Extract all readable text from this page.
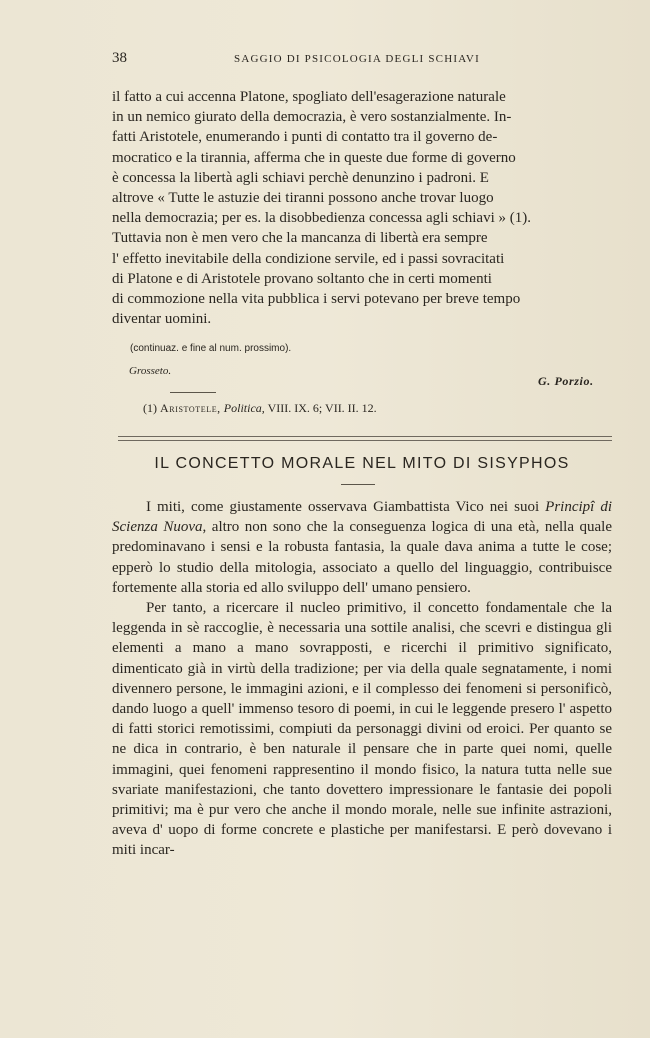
38	SAGGIO DI PSICOLOGIA DEGLI SCHIAVI

il fatto a cui accenna Platone, spogliato dell'esagerazione naturale

in un nemico giurato della democrazia, è vero sostanzialmente. In-

fatti Aristotele, enumerando i punti di contatto tra il governo de-

mocratico e la tirannia, afferma che in queste due forme di governo

è concessa la libertà agli schiavi perchè denunzino i padroni. E

altrove « Tutte le astuzie dei tiranni possono anche trovar luogo

nella democrazia; per es. la disobbedienza concessa agli schiavi » (1).

Tuttavia non è men vero che la mancanza di libertà era sempre

l' effetto inevitabile della condizione servile, ed i passi sovracitati

di Platone e di Aristotele provano soltanto che in certi momenti

di commozione nella vita pubblica i servi potevano per breve tempo

diventar uomini.

(continuaz. e fine al num. prossimo).
Grosseto.
G. Porzio.
(1) Aristotele, Politica, VIII. IX. 6; VII. II. 12.
IL CONCETTO MORALE NEL MITO DI SISYPHOS

I miti, come giustamente osservava Giambattista Vico nei suoi Principî di Scienza Nuova, altro non sono che la conseguenza logica di una età, nella quale predominavano i sensi e la robusta fantasia, la quale dava anima a tutte le cose; epperò lo studio della mitologia, associato a quello del linguaggio, contribuisce fortemente alla storia ed allo sviluppo dell' umano pensiero.

Per tanto, a ricercare il nucleo primitivo, il concetto fondamentale che la leggenda in sè raccoglie, è necessaria una sottile analisi, che scevri e distingua gli elementi a mano a mano sovrapposti, e ricerchi il primitivo significato, dimenticato già in virtù della tradizione; per via della quale segnatamente, i nomi divennero persone, le immagini azioni, e il complesso dei fenomeni si personificò, dando luogo a quell' immenso tesoro di poemi, in cui le leggende presero l' aspetto di fatti storici remotissimi, compiuti da personaggi divini od eroici. Per quanto se ne dica in contrario, è ben naturale il pensare che in parte quei nomi, quelle immagini, quei fenomeni rappresentino il mondo fisico, la natura tutta nelle sue svariate manifestazioni, che tanto dovettero impressionare le fantasie dei popoli primitivi; ma è pur vero che anche il mondo morale, nelle sue infinite astrazioni, aveva d' uopo di forme concrete e plastiche per manifestarsi. E però dovevano i miti incar-
